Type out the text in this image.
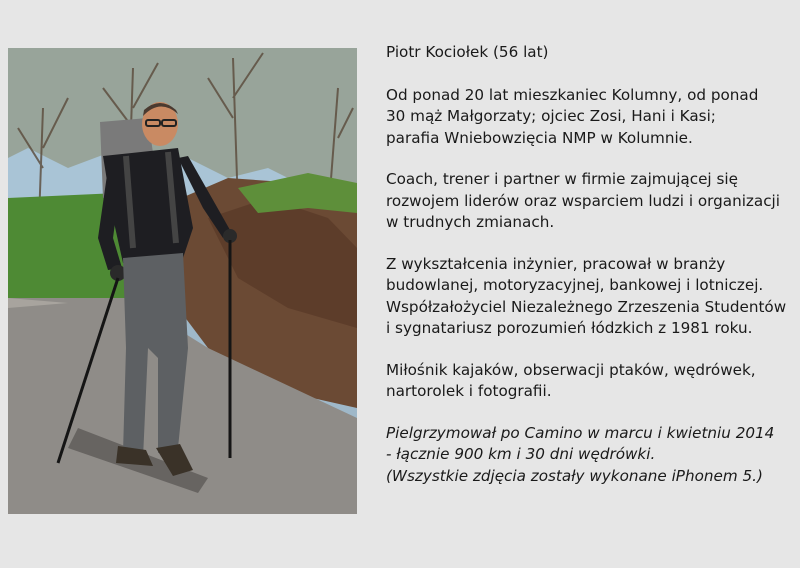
Piotr Kociołek (56 lat)

Od ponad 20 lat mieszkaniec Kolumny, od ponad
30 mąż Małgorzaty; ojciec Zosi, Hani i Kasi;
parafia Wniebowzięcia NMP w Kolumnie.

Coach, trener i partner w firmie zajmującej się
rozwojem liderów oraz wsparciem ludzi i organizacji
w trudnych zmianach.

Z wykształcenia inżynier, pracował w branży
budowlanej, motoryzacyjnej, bankowej i lotniczej.
Współzałożyciel Niezależnego Zrzeszenia Studentów
i sygnatariusz porozumień łódzkich z 1981 roku.

Miłośnik kajaków, obserwacji ptaków, wędrówek,
nartorolek i fotografii.

Pielgrzymował po Camino w marcu i kwietniu 2014
- łącznie 900 km i 30 dni wędrówki.
(Wszystkie zdjęcia zostały wykonane iPhonem 5.)
